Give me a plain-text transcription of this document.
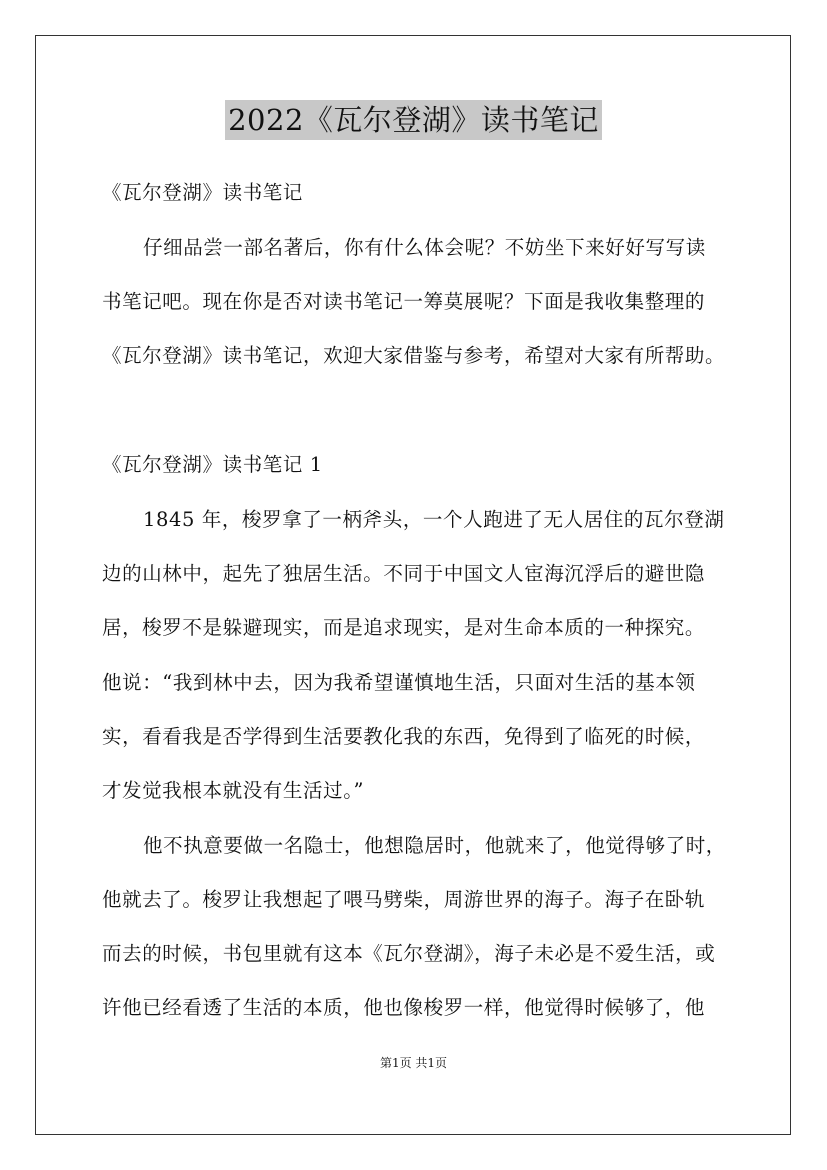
2022《瓦尔登湖》读书笔记
《瓦尔登湖》读书笔记
仔细品尝一部名著后，你有什么体会呢？不妨坐下来好好写写读
书笔记吧。现在你是否对读书笔记一筹莫展呢？下面是我收集整理的
《瓦尔登湖》读书笔记，欢迎大家借鉴与参考，希望对大家有所帮助。
《瓦尔登湖》读书笔记 1
1845 年，梭罗拿了一柄斧头，一个人跑进了无人居住的瓦尔登湖
边的山林中，起先了独居生活。不同于中国文人宦海沉浮后的避世隐
居，梭罗不是躲避现实，而是追求现实，是对生命本质的一种探究。
他说：“我到林中去，因为我希望谨慎地生活，只面对生活的基本领
实，看看我是否学得到生活要教化我的东西，免得到了临死的时候，
才发觉我根本就没有生活过。”
他不执意要做一名隐士，他想隐居时，他就来了，他觉得够了时，
他就去了。梭罗让我想起了喂马劈柴，周游世界的海子。海子在卧轨
而去的时候，书包里就有这本《瓦尔登湖》，海子未必是不爱生活，或
许他已经看透了生活的本质，他也像梭罗一样，他觉得时候够了，他
第1页 共1页
